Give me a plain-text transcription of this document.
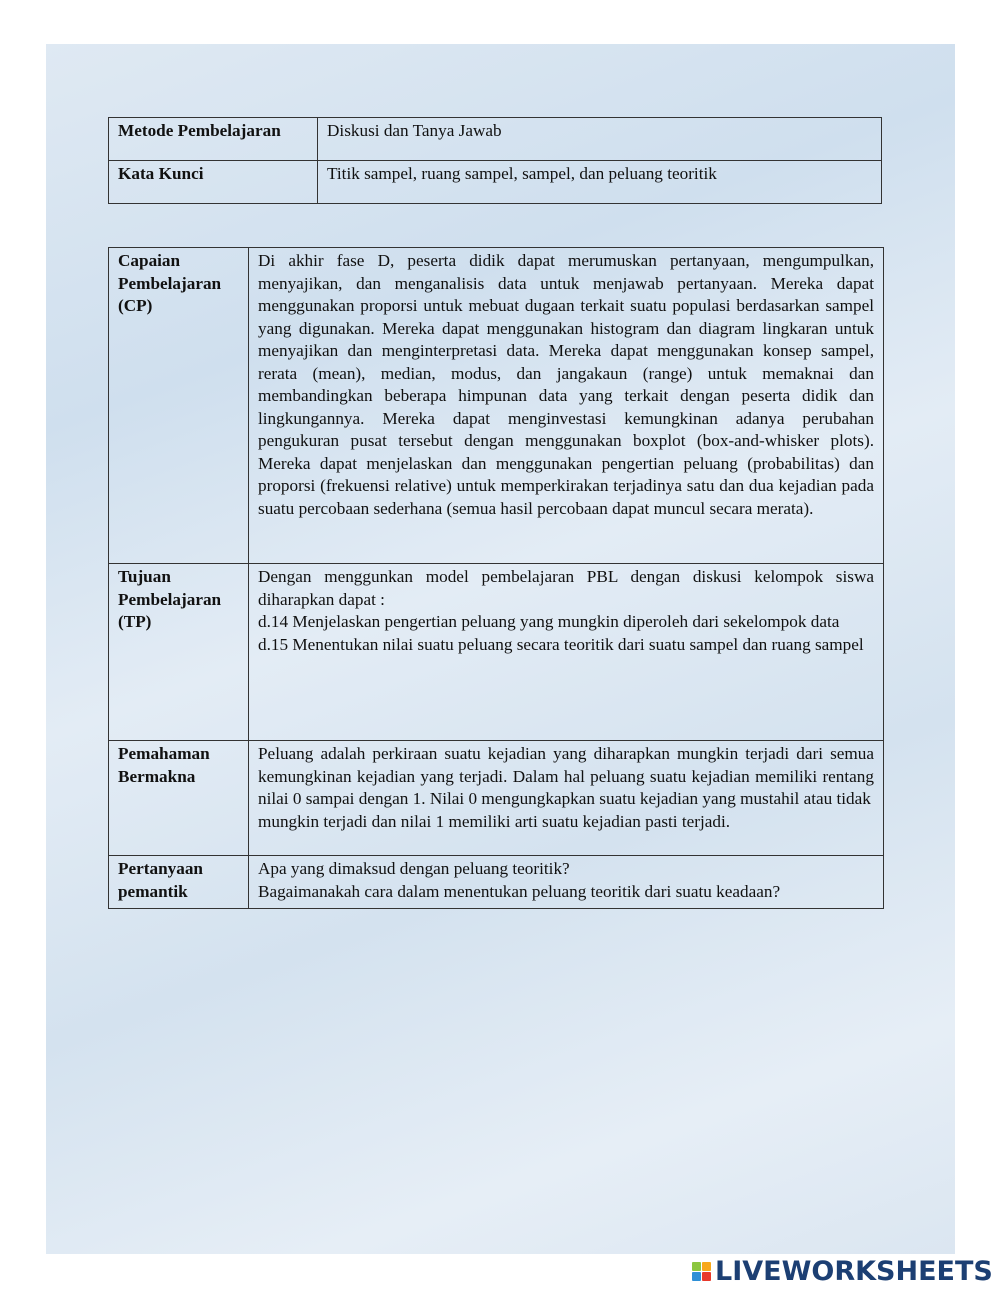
Metode Pembelajaran	Diskusi dan Tanya Jawab
Kata Kunci	Titik sampel, ruang sampel, sampel, dan peluang teoritik
Capaian Pembelajaran (CP)	Di akhir fase D, peserta didik dapat merumuskan pertanyaan, mengumpulkan, menyajikan, dan menganalisis data untuk menjawab pertanyaan. Mereka dapat menggunakan proporsi untuk mebuat dugaan terkait suatu populasi berdasarkan sampel yang digunakan. Mereka dapat menggunakan histogram dan diagram lingkaran untuk menyajikan dan menginterpretasi data. Mereka dapat menggunakan konsep sampel, rerata (mean), median, modus, dan jangakaun (range) untuk memaknai dan membandingkan beberapa himpunan data yang terkait dengan peserta didik dan lingkungannya. Mereka dapat menginvestasi kemungkinan adanya perubahan pengukuran pusat tersebut dengan menggunakan boxplot (box-and-whisker plots). Mereka dapat menjelaskan dan menggunakan pengertian peluang (probabilitas) dan proporsi (frekuensi relative) untuk memperkirakan terjadinya satu dan dua kejadian pada suatu percobaan sederhana (semua hasil percobaan dapat muncul secara merata).

Tujuan Pembelajaran (TP)	Dengan menggunkan model pembelajaran PBL dengan diskusi kelompok siswa diharapkan dapat :
d.14 Menjelaskan pengertian peluang yang mungkin diperoleh dari sekelompok data
d.15 Menentukan nilai suatu peluang secara teoritik dari suatu sampel dan ruang sampel

Pemahaman Bermakna	Peluang adalah perkiraan suatu kejadian yang diharapkan mungkin terjadi dari semua kemungkinan kejadian yang terjadi. Dalam hal peluang suatu kejadian memiliki rentang nilai 0 sampai dengan 1. Nilai 0 mengungkapkan suatu kejadian yang mustahil atau tidak
mungkin terjadi dan nilai 1 memiliki arti suatu kejadian pasti terjadi.

Pertanyaan pemantik	Apa yang dimaksud dengan peluang teoritik?
Bagaimanakah cara dalam menentukan peluang teoritik dari suatu keadaan?
LIVEWORKSHEETS
